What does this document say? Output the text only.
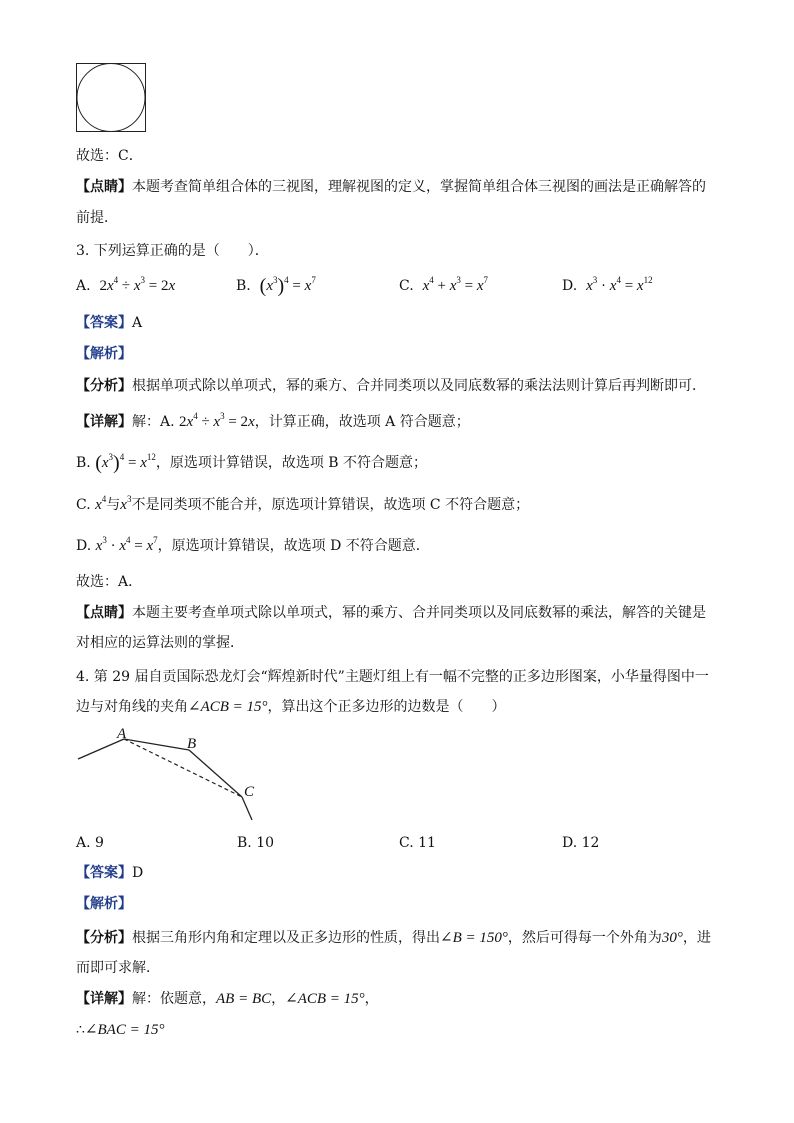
故选：C．
【点睛】本题考查简单组合体的三视图，理解视图的定义，掌握简单组合体三视图的画法是正确解答的
前提．
3. 下列运算正确的是（　　）．
A. $2x^4 \div x^3 = 2x$	B. $(x^3)^4 = x^7$	C. $x^4 + x^3 = x^7$	D. $x^3 \cdot x^4 = x^{12}$
【答案】A
【解析】
【分析】根据单项式除以单项式，幂的乘方、合并同类项以及同底数幂的乘法法则计算后再判断即可．
【详解】解：A. $2x^4 \div x^3 = 2x$，计算正确，故选项 A 符合题意；
B. $(x^3)^4 = x^{12}$，原选项计算错误，故选项 B 不符合题意；
C. $x^4$与$x^3$不是同类项不能合并，原选项计算错误，故选项 C 不符合题意；
D. $x^3 \cdot x^4 = x^7$，原选项计算错误，故选项 D 不符合题意．
故选：A．
【点睛】本题主要考查单项式除以单项式，幂的乘方、合并同类项以及同底数幂的乘法，解答的关键是
对相应的运算法则的掌握．
4. 第 29 届自贡国际恐龙灯会“辉煌新时代”主题灯组上有一幅不完整的正多边形图案，小华量得图中一
边与对角线的夹角∠ACB = 15°，算出这个正多边形的边数是（　　）
A
B
C
A. 9	B. 10	C. 11	D. 12
【答案】D
【解析】
【分析】根据三角形内角和定理以及正多边形的性质，得出∠B = 150°，然后可得每一个外角为30°，进
而即可求解．
【详解】解：依题意，AB = BC，∠ACB = 15°，
∴∠BAC = 15°
